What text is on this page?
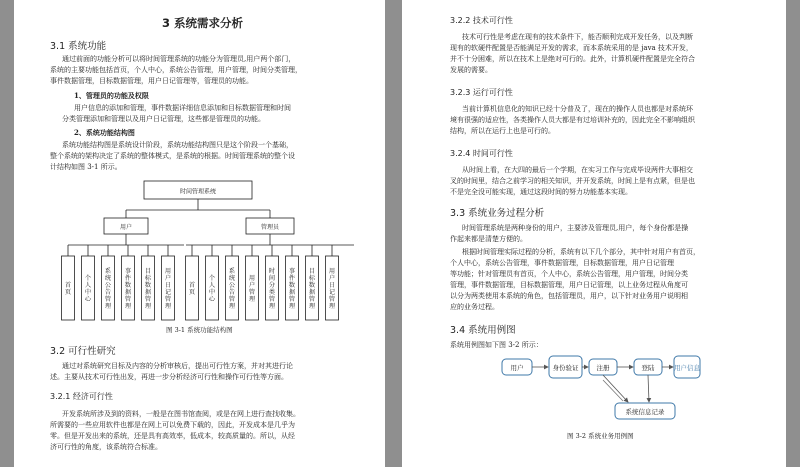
3 系统需求分析
3.1 系统功能
通过前面的功能分析可以将时间管理系统的功能分为管理员,用户两个部门，
系统的主要功能包括首页，个人中心，系统公告管理，用户管理，时间分类管理，
事件数据管理，目标数据管理，用户日记管理等，管理员的功能。
1、管理员的功能及权限
用户信息的添加和管理，事件数据详细信息添加和目标数据管理和时间
分类管理添加和管理以及用户日记管理，这些都是管理员的功能。
2、系统功能结构图
系统功能结构图是系统设计阶段，系统功能结构图只是这个阶段一个基础，
整个系统的架构决定了系统的整体模式，是系统的根据。时间管理系统的整个设
计结构如图 3-1 所示。
首页
个人中心
系统公告管理
事件数据管理
目标数据管理
用户日记管理
首页
个人中心
系统公告管理
用户管理
时间分类管理
事件数据管理
目标数据管理
用户日记管理
时间管理系统
用户	管理员
图 3-1 系统功能结构图
3.2 可行性研究
通过对系统研究目标及内容的分析审核后，提出可行性方案，并对其进行论
述。主要从技术可行性出发，再进一步分析经济可行性和操作可行性等方面。
3.2.1 经济可行性
开发系统所涉及到的资料，一般是在图书馆查阅，或是在网上进行查找收集。
所需要的一些应用软件也都是在网上可以免费下载的，因此，开发成本是几乎为
零。但是开发出来的系统，还是具有高效率，低成本，较高质量的。所以，从经
济可行性的角度，该系统符合标准。
3.2.2 技术可行性
技术可行性是考虑在现有的技术条件下，能否顺利完成开发任务，以及判断
现有的软硬件配置是否能满足开发的需求，而本系统采用的是 java 技术开发，
并不十分困难，所以在技术上是绝对可行的。此外，计算机硬件配置是完全符合
发展的需要。
3.2.3 运行可行性
当前计算机信息化的知识已经十分普及了，现在的操作人员也都是对系统环
境有很强的适应性，各类操作人员大都是有过培训补充的，因此完全不影响组织
结构，所以在运行上也是可行的。
3.2.4 时间可行性
从时间上看，在大四的最后一个学期，在实习工作与完成毕设两件大事相交
叉的时间里，结合之前学习的相关知识，并开发系统，时间上是有点紧，但是也
不是完全没可能实现，通过这段时间的努力功能基本实现。
3.3 系统业务过程分析
时间管理系统是两种身份的用户，主要涉及管理员,用户，每个身份都是操
作起来都是清楚方便的。
根据时间管理实际过程的分析，系统有以下几个部分，其中针对用户有首页，
个人中心，系统公告管理，事件数据管理，目标数据管理，用户日记管理
等功能；针对管理员有首页，个人中心，系统公告管理，用户管理，时间分类
管理，事件数据管理，目标数据管理，用户日记管理，以上业务过程从角度可
以分为两类使用本系统的角色，包括管理员，用户，以下针对业务用户说明相
应的业务过程。
3.4 系统用例图
系统用例图如下图 3-2 所示：
用户	身份验证	注册	登陆	用户信息
系统信息记录
图 3-2 系统业务用例图
